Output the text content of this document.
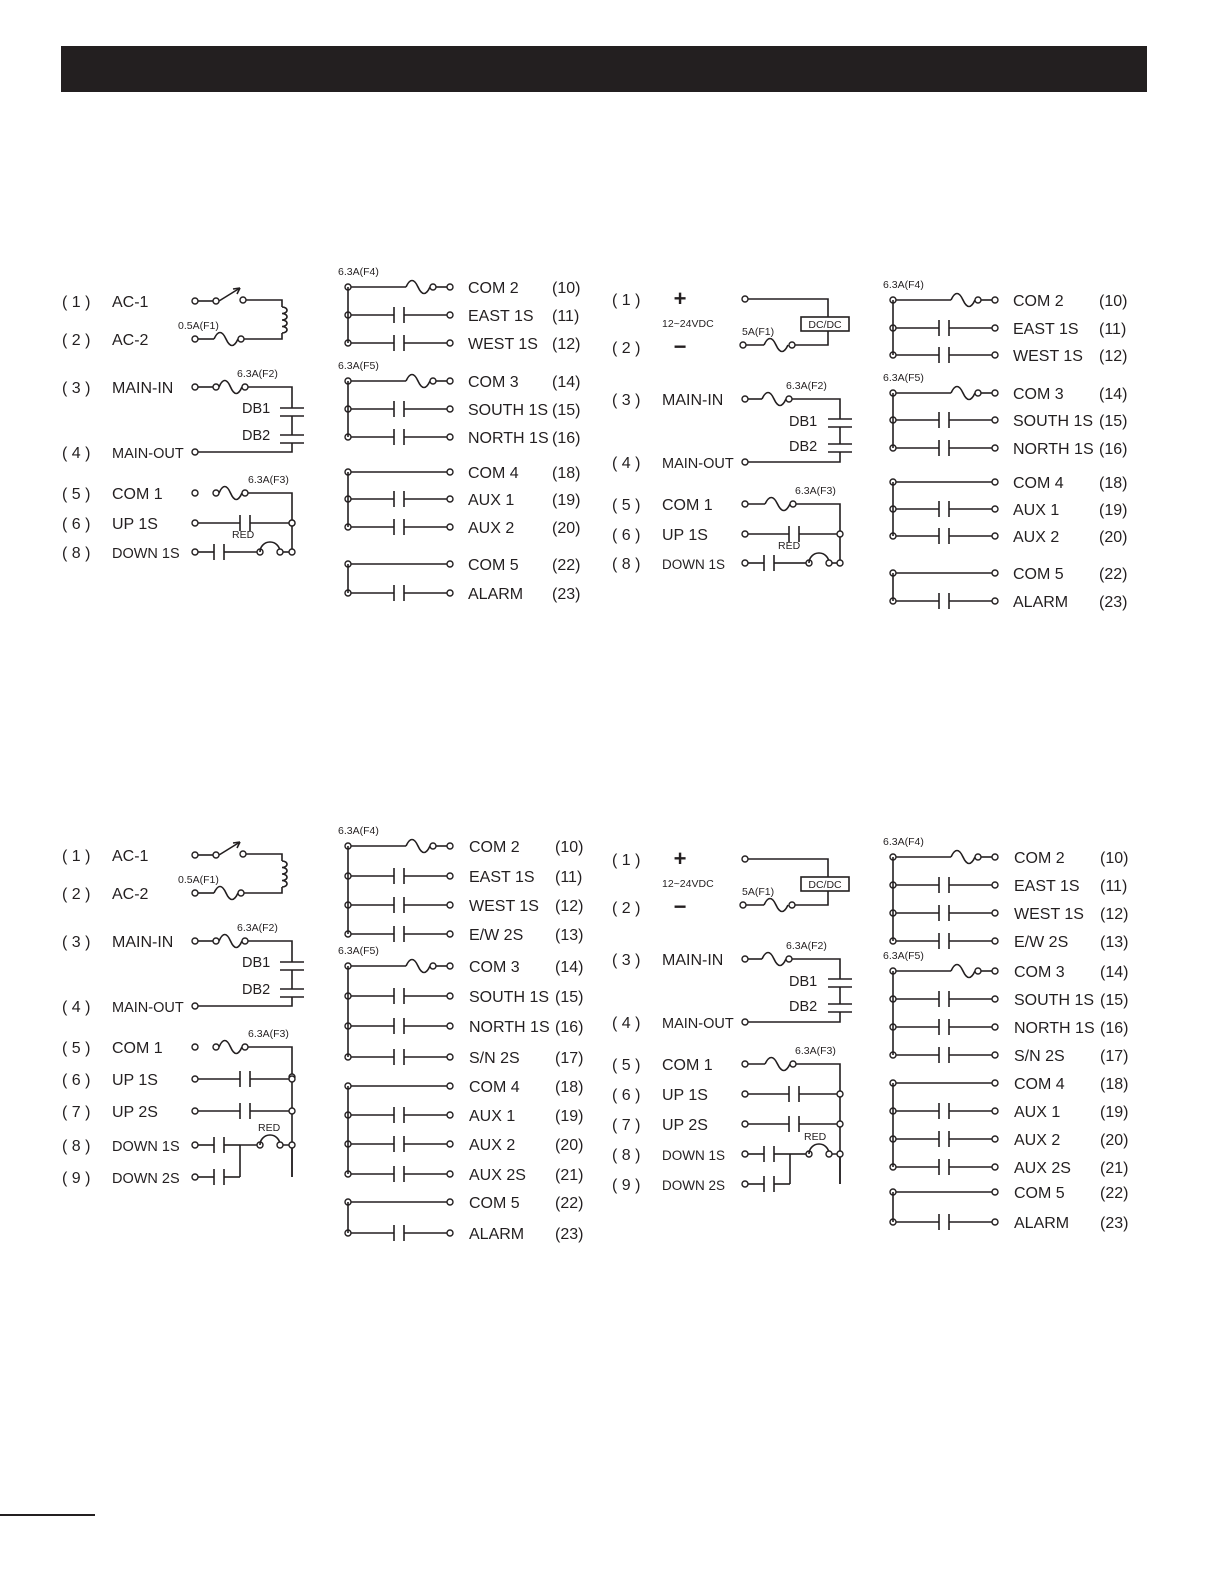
( 1 ) AC-1
( 2 ) AC-2
0.5A(F1)
( 3 ) MAIN-IN
( 4 ) MAIN-OUT
6.3A(F2)
DB1
DB2
( 5 ) COM 1
( 6 ) UP 1S
( 8 ) DOWN 1S
6.3A(F3)
RED
COM 2 (10)
6.3A(F4)
EAST 1S (11)
WEST 1S (12)
COM 3 (14)
6.3A(F5)
SOUTH 1S (15)
NORTH 1S (16)
COM 4 (18)
AUX 1 (19)
AUX 2 (20)
COM 5 (22)
ALARM (23)
( 1 )
( 2 )
+
−
12~24VDC	DC/DC
5A(F1)
( 3 ) MAIN-IN
( 4 ) MAIN-OUT
6.3A(F2)
DB1
DB2
( 5 ) COM 1
( 6 ) UP 1S
( 8 ) DOWN 1S
6.3A(F3)
RED
COM 2 (10)
6.3A(F4)
EAST 1S (11)
WEST 1S (12)
COM 3 (14)
6.3A(F5)
SOUTH 1S (15)
NORTH 1S (16)
COM 4 (18)
AUX 1 (19)
AUX 2 (20)
COM 5 (22)
ALARM (23)
( 1 ) AC-1
( 2 ) AC-2
0.5A(F1)
( 3 ) MAIN-IN
( 4 ) MAIN-OUT
6.3A(F2)
DB1
DB2
( 5 ) COM 1
( 6 ) UP 1S
( 7 ) UP 2S
( 8 ) DOWN 1S
( 9 ) DOWN 2S
6.3A(F3)
RED
COM 2 (10)
6.3A(F4)
EAST 1S (11)
WEST 1S (12)
E/W 2S (13)
COM 3 (14)
6.3A(F5)
SOUTH 1S (15)
NORTH 1S (16)
S/N 2S (17)
COM 4 (18)
AUX 1 (19)
AUX 2 (20)
AUX 2S (21)
COM 5 (22)
ALARM (23)
( 1 )
( 2 )
+
−
12~24VDC	DC/DC
5A(F1)
( 3 ) MAIN-IN
( 4 ) MAIN-OUT
6.3A(F2)
DB1
DB2
( 5 ) COM 1
( 6 ) UP 1S
( 7 ) UP 2S
( 8 ) DOWN 1S
( 9 ) DOWN 2S
6.3A(F3)
RED
COM 2 (10)
6.3A(F4)
EAST 1S (11)
WEST 1S (12)
E/W 2S (13)
COM 3 (14)
6.3A(F5)
SOUTH 1S (15)
NORTH 1S (16)
S/N 2S (17)
COM 4 (18)
AUX 1 (19)
AUX 2 (20)
AUX 2S (21)
COM 5 (22)
ALARM (23)
